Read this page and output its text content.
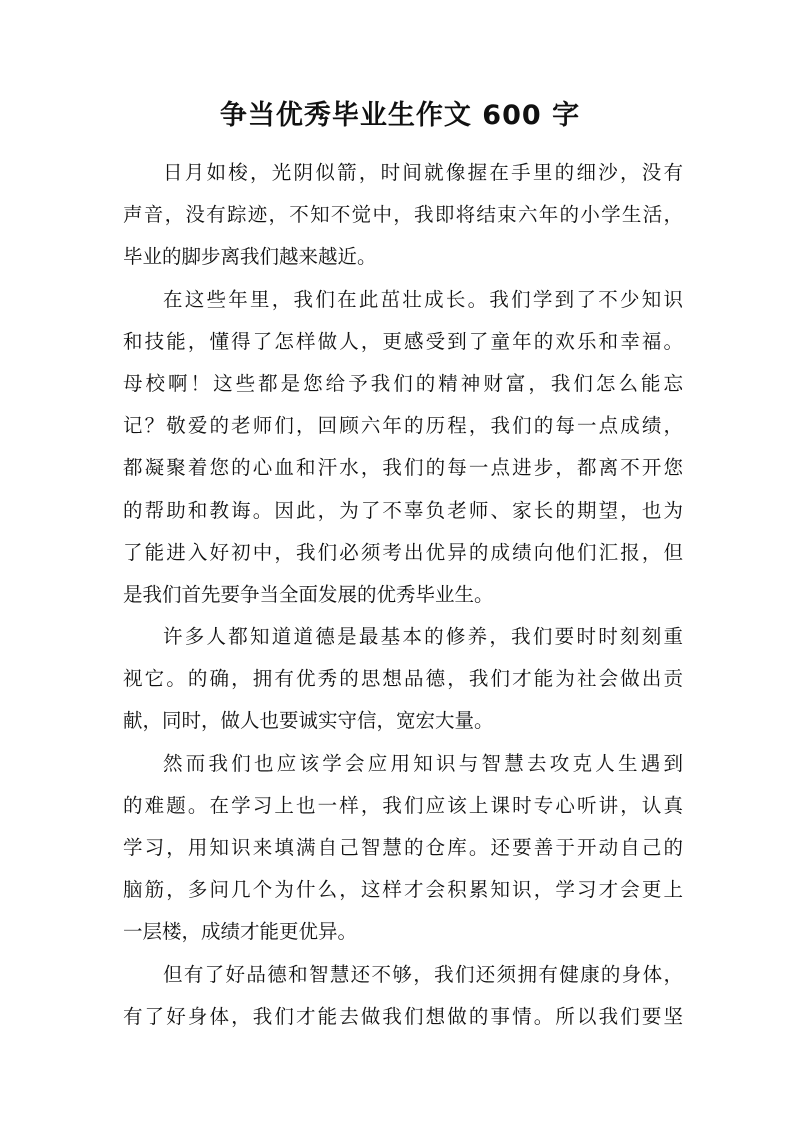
争当优秀毕业生作文 600 字
日月如梭，光阴似箭，时间就像握在手里的细沙，没有
声音，没有踪迹，不知不觉中，我即将结束六年的小学生活，
毕业的脚步离我们越来越近。
在这些年里，我们在此茁壮成长。我们学到了不少知识
和技能，懂得了怎样做人，更感受到了童年的欢乐和幸福。
母校啊！这些都是您给予我们的精神财富，我们怎么能忘
记？敬爱的老师们，回顾六年的历程，我们的每一点成绩，
都凝聚着您的心血和汗水，我们的每一点进步，都离不开您
的帮助和教诲。因此，为了不辜负老师、家长的期望，也为
了能进入好初中，我们必须考出优异的成绩向他们汇报，但
是我们首先要争当全面发展的优秀毕业生。
许多人都知道道德是最基本的修养，我们要时时刻刻重
视它。的确，拥有优秀的思想品德，我们才能为社会做出贡
献，同时，做人也要诚实守信，宽宏大量。
然而我们也应该学会应用知识与智慧去攻克人生遇到
的难题。在学习上也一样，我们应该上课时专心听讲，认真
学习，用知识来填满自己智慧的仓库。还要善于开动自己的
脑筋，多问几个为什么，这样才会积累知识，学习才会更上
一层楼，成绩才能更优异。
但有了好品德和智慧还不够，我们还须拥有健康的身体，
有了好身体，我们才能去做我们想做的事情。所以我们要坚
